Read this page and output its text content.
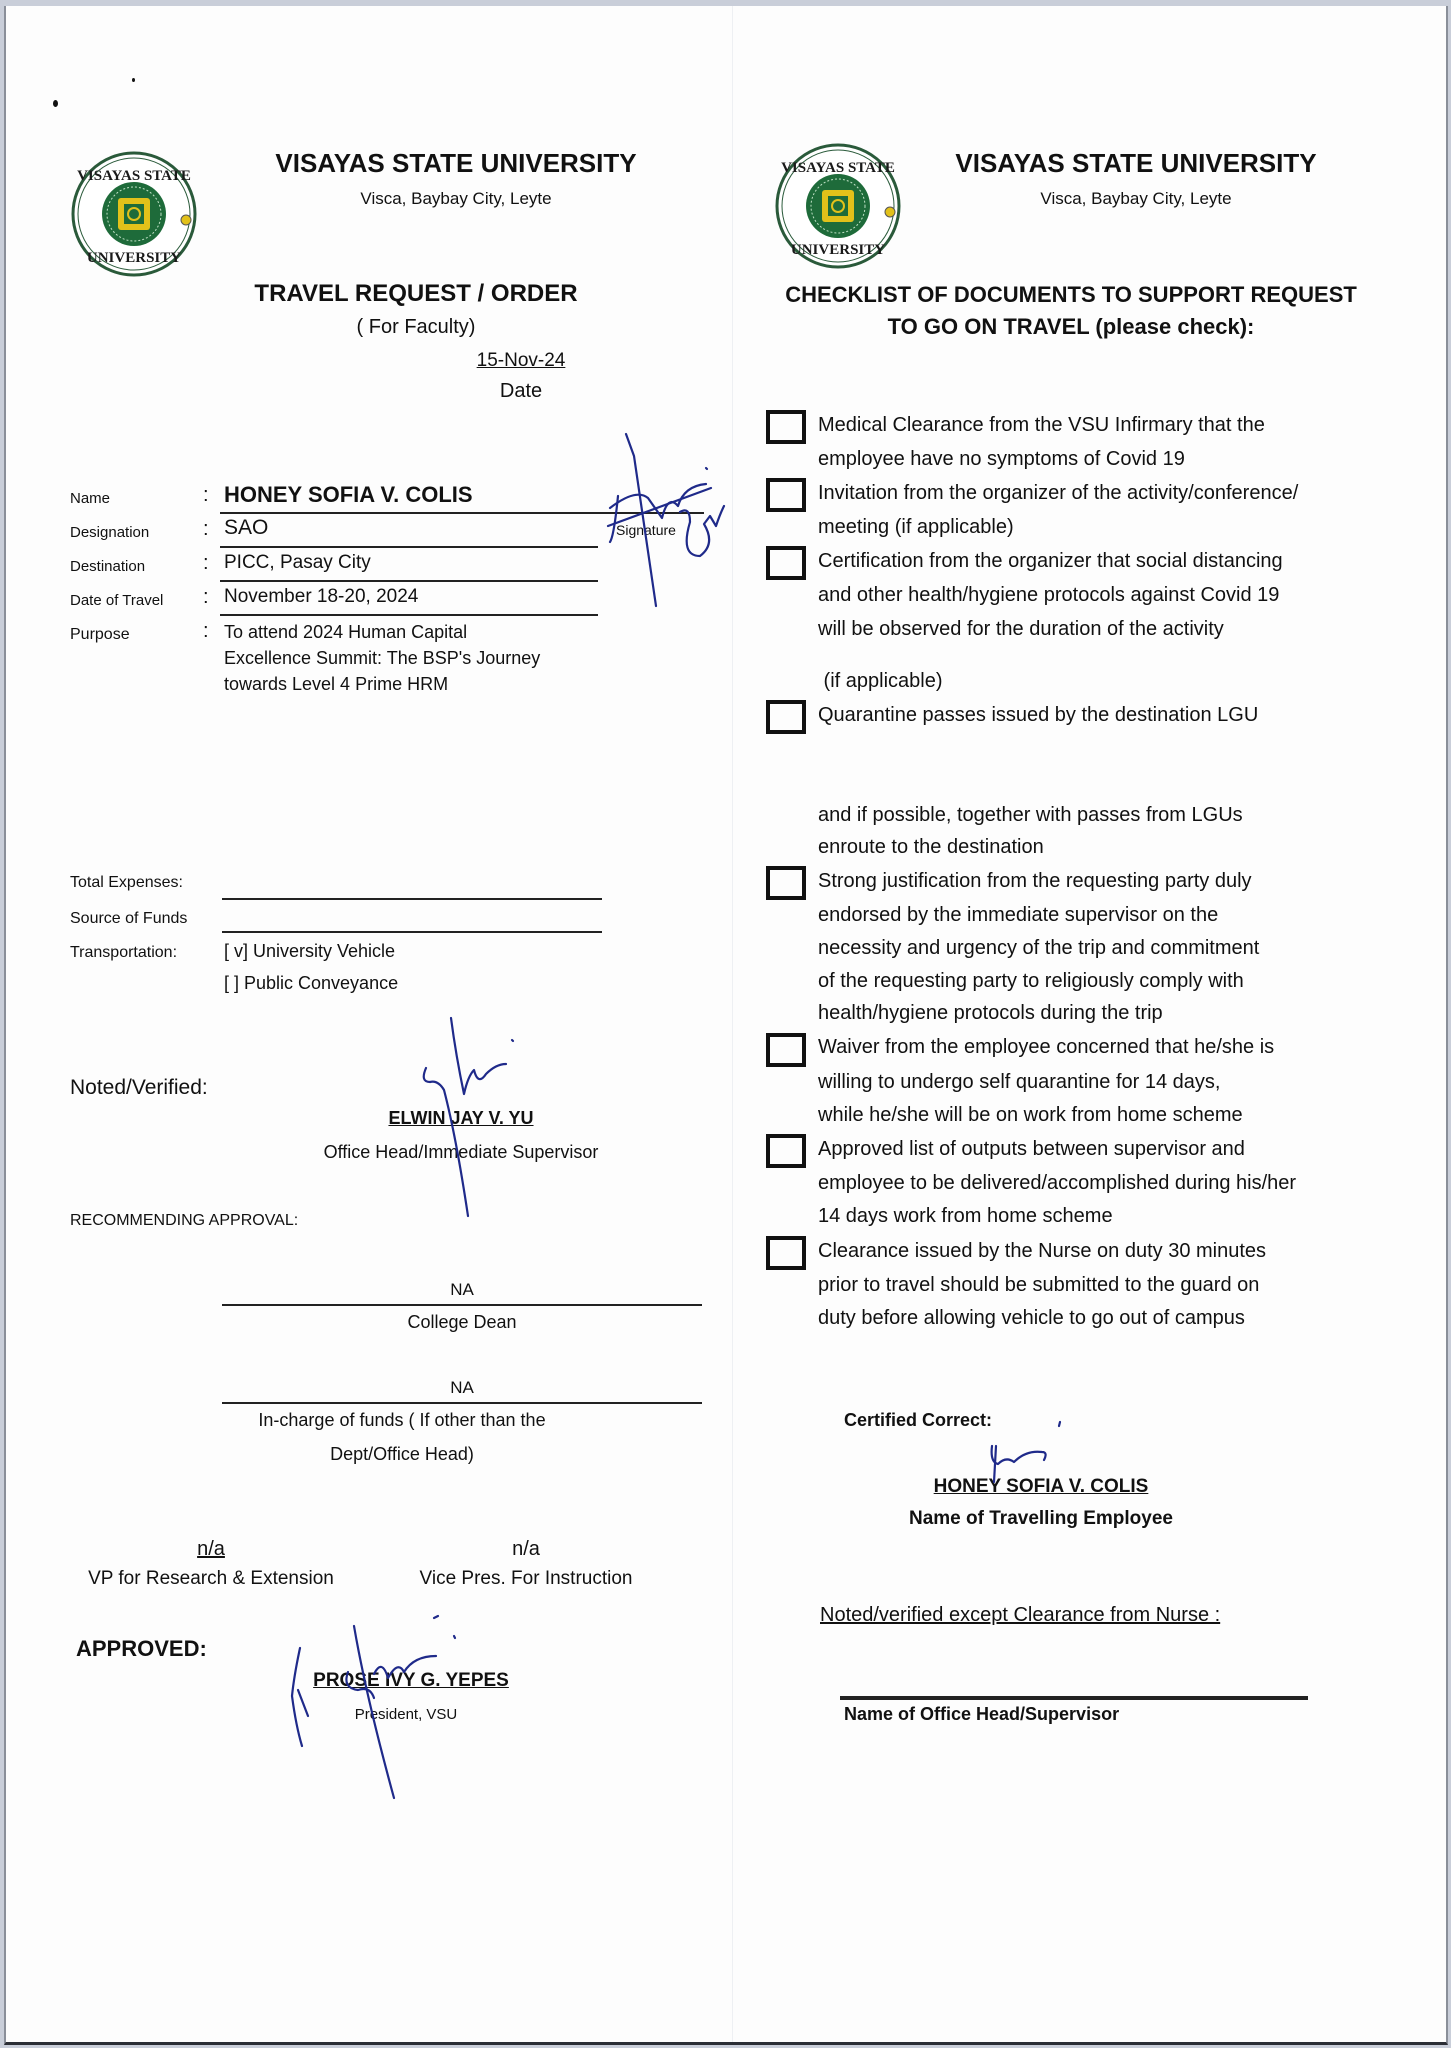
VISAYAS STATE
UNIVERSITY
VISAYAS STATE UNIVERSITY
Visca, Baybay City, Leyte
TRAVEL REQUEST / ORDER
( For Faculty)
15-Nov-24
Date
Name	: HONEY SOFIA V. COLIS
Signature
Designation	: SAO
Destination	: PICC, Pasay City
Date of Travel : November 18-20, 2024
Purpose	: To attend 2024 Human Capital
Excellence Summit: The BSP's Journey
towards Level 4 Prime HRM
Total Expenses:
Source of Funds
Transportation:	[ v] University Vehicle
[ ] Public Conveyance
Noted/Verified:
ELWIN JAY V. YU
Office Head/Immediate Supervisor
RECOMMENDING APPROVAL:
NA
College Dean
NA
In-charge of funds ( If other than the
Dept/Office Head)
n/a
VP for Research & Extension
n/a
Vice Pres. For Instruction
APPROVED:
PROSE IVY G. YEPES
President, VSU
VISAYAS STATE
UNIVERSITY
VISAYAS STATE UNIVERSITY
Visca, Baybay City, Leyte
CHECKLIST OF DOCUMENTS TO SUPPORT REQUEST
TO GO ON TRAVEL (please check):
Medical Clearance from the VSU Infirmary that the
employee have no symptoms of Covid 19
Invitation from the organizer of the activity/conference/
meeting (if applicable)
Certification from the organizer that social distancing
and other health/hygiene protocols against Covid 19
will be observed for the duration of the activity
(if applicable)
Quarantine passes issued by the destination LGU
and if possible, together with passes from LGUs
enroute to the destination
Strong justification from the requesting party duly
endorsed by the immediate supervisor on the
necessity and urgency of the trip and commitment
of the requesting party to religiously comply with
health/hygiene protocols during the trip
Waiver from the employee concerned that he/she is
willing to undergo self quarantine for 14 days,
while he/she will be on work from home scheme
Approved list of outputs between supervisor and
employee to be delivered/accomplished during his/her
14 days work from home scheme
Clearance issued by the Nurse on duty 30 minutes
prior to travel should be submitted to the guard on
duty before allowing vehicle to go out of campus
Certified Correct:
HONEY SOFIA V. COLIS
Name of Travelling Employee
Noted/verified except Clearance from Nurse :
Name of Office Head/Supervisor
